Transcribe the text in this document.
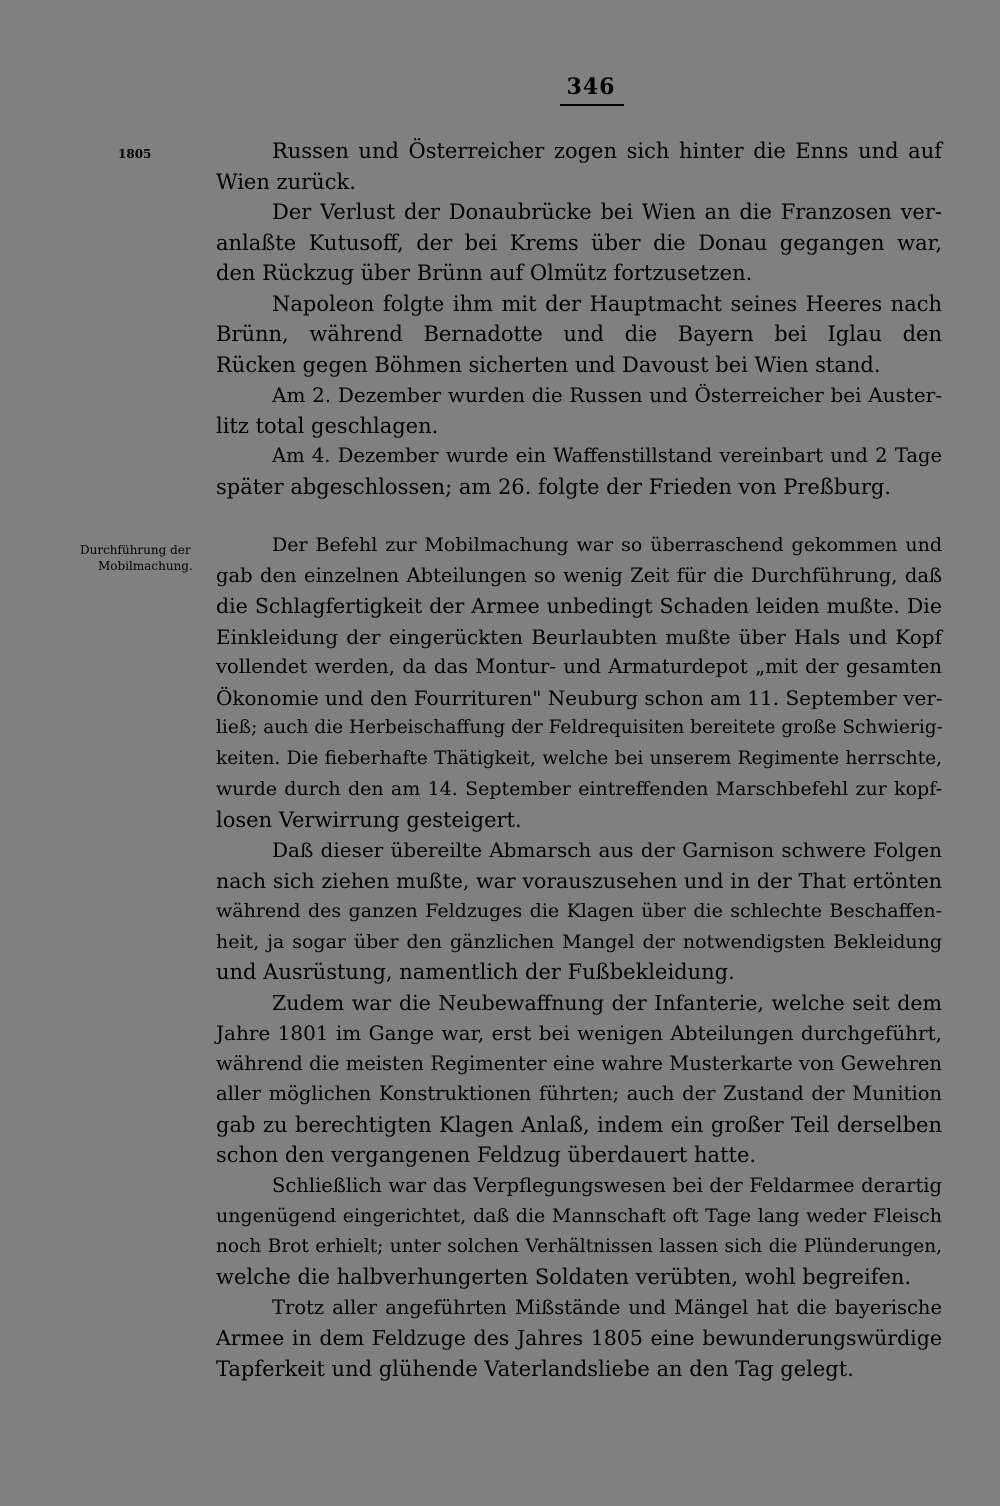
346
1805
Durchführung der
Mobilmachung.
Russen und Österreicher zogen sich hinter die Enns und auf
Wien zurück.
Der Verlust der Donaubrücke bei Wien an die Franzosen ver-
anlaßte Kutusoff, der bei Krems über die Donau gegangen war,
den Rückzug über Brünn auf Olmütz fortzusetzen.
Napoleon folgte ihm mit der Hauptmacht seines Heeres nach
Brünn, während Bernadotte und die Bayern bei Iglau den
Rücken gegen Böhmen sicherten und Davoust bei Wien stand.
Am 2. Dezember wurden die Russen und Österreicher bei Auster-
litz total geschlagen.
Am 4. Dezember wurde ein Waffenstillstand vereinbart und 2 Tage
später abgeschlossen; am 26. folgte der Frieden von Preßburg.
Der Befehl zur Mobilmachung war so überraschend gekommen und
gab den einzelnen Abteilungen so wenig Zeit für die Durchführung, daß
die Schlagfertigkeit der Armee unbedingt Schaden leiden mußte. Die
Einkleidung der eingerückten Beurlaubten mußte über Hals und Kopf
vollendet werden, da das Montur- und Armaturdepot „mit der gesamten
Ökonomie und den Fourrituren" Neuburg schon am 11. September ver-
ließ; auch die Herbeischaffung der Feldrequisiten bereitete große Schwierig-
keiten. Die fieberhafte Thätigkeit, welche bei unserem Regimente herrschte,
wurde durch den am 14. September eintreffenden Marschbefehl zur kopf-
losen Verwirrung gesteigert.
Daß dieser übereilte Abmarsch aus der Garnison schwere Folgen
nach sich ziehen mußte, war vorauszusehen und in der That ertönten
während des ganzen Feldzuges die Klagen über die schlechte Beschaffen-
heit, ja sogar über den gänzlichen Mangel der notwendigsten Bekleidung
und Ausrüstung, namentlich der Fußbekleidung.
Zudem war die Neubewaffnung der Infanterie, welche seit dem
Jahre 1801 im Gange war, erst bei wenigen Abteilungen durchgeführt,
während die meisten Regimenter eine wahre Musterkarte von Gewehren
aller möglichen Konstruktionen führten; auch der Zustand der Munition
gab zu berechtigten Klagen Anlaß, indem ein großer Teil derselben
schon den vergangenen Feldzug überdauert hatte.
Schließlich war das Verpflegungswesen bei der Feldarmee derartig
ungenügend eingerichtet, daß die Mannschaft oft Tage lang weder Fleisch
noch Brot erhielt; unter solchen Verhältnissen lassen sich die Plünderungen,
welche die halbverhungerten Soldaten verübten, wohl begreifen.
Trotz aller angeführten Mißstände und Mängel hat die bayerische
Armee in dem Feldzuge des Jahres 1805 eine bewunderungswürdige
Tapferkeit und glühende Vaterlandsliebe an den Tag gelegt.
